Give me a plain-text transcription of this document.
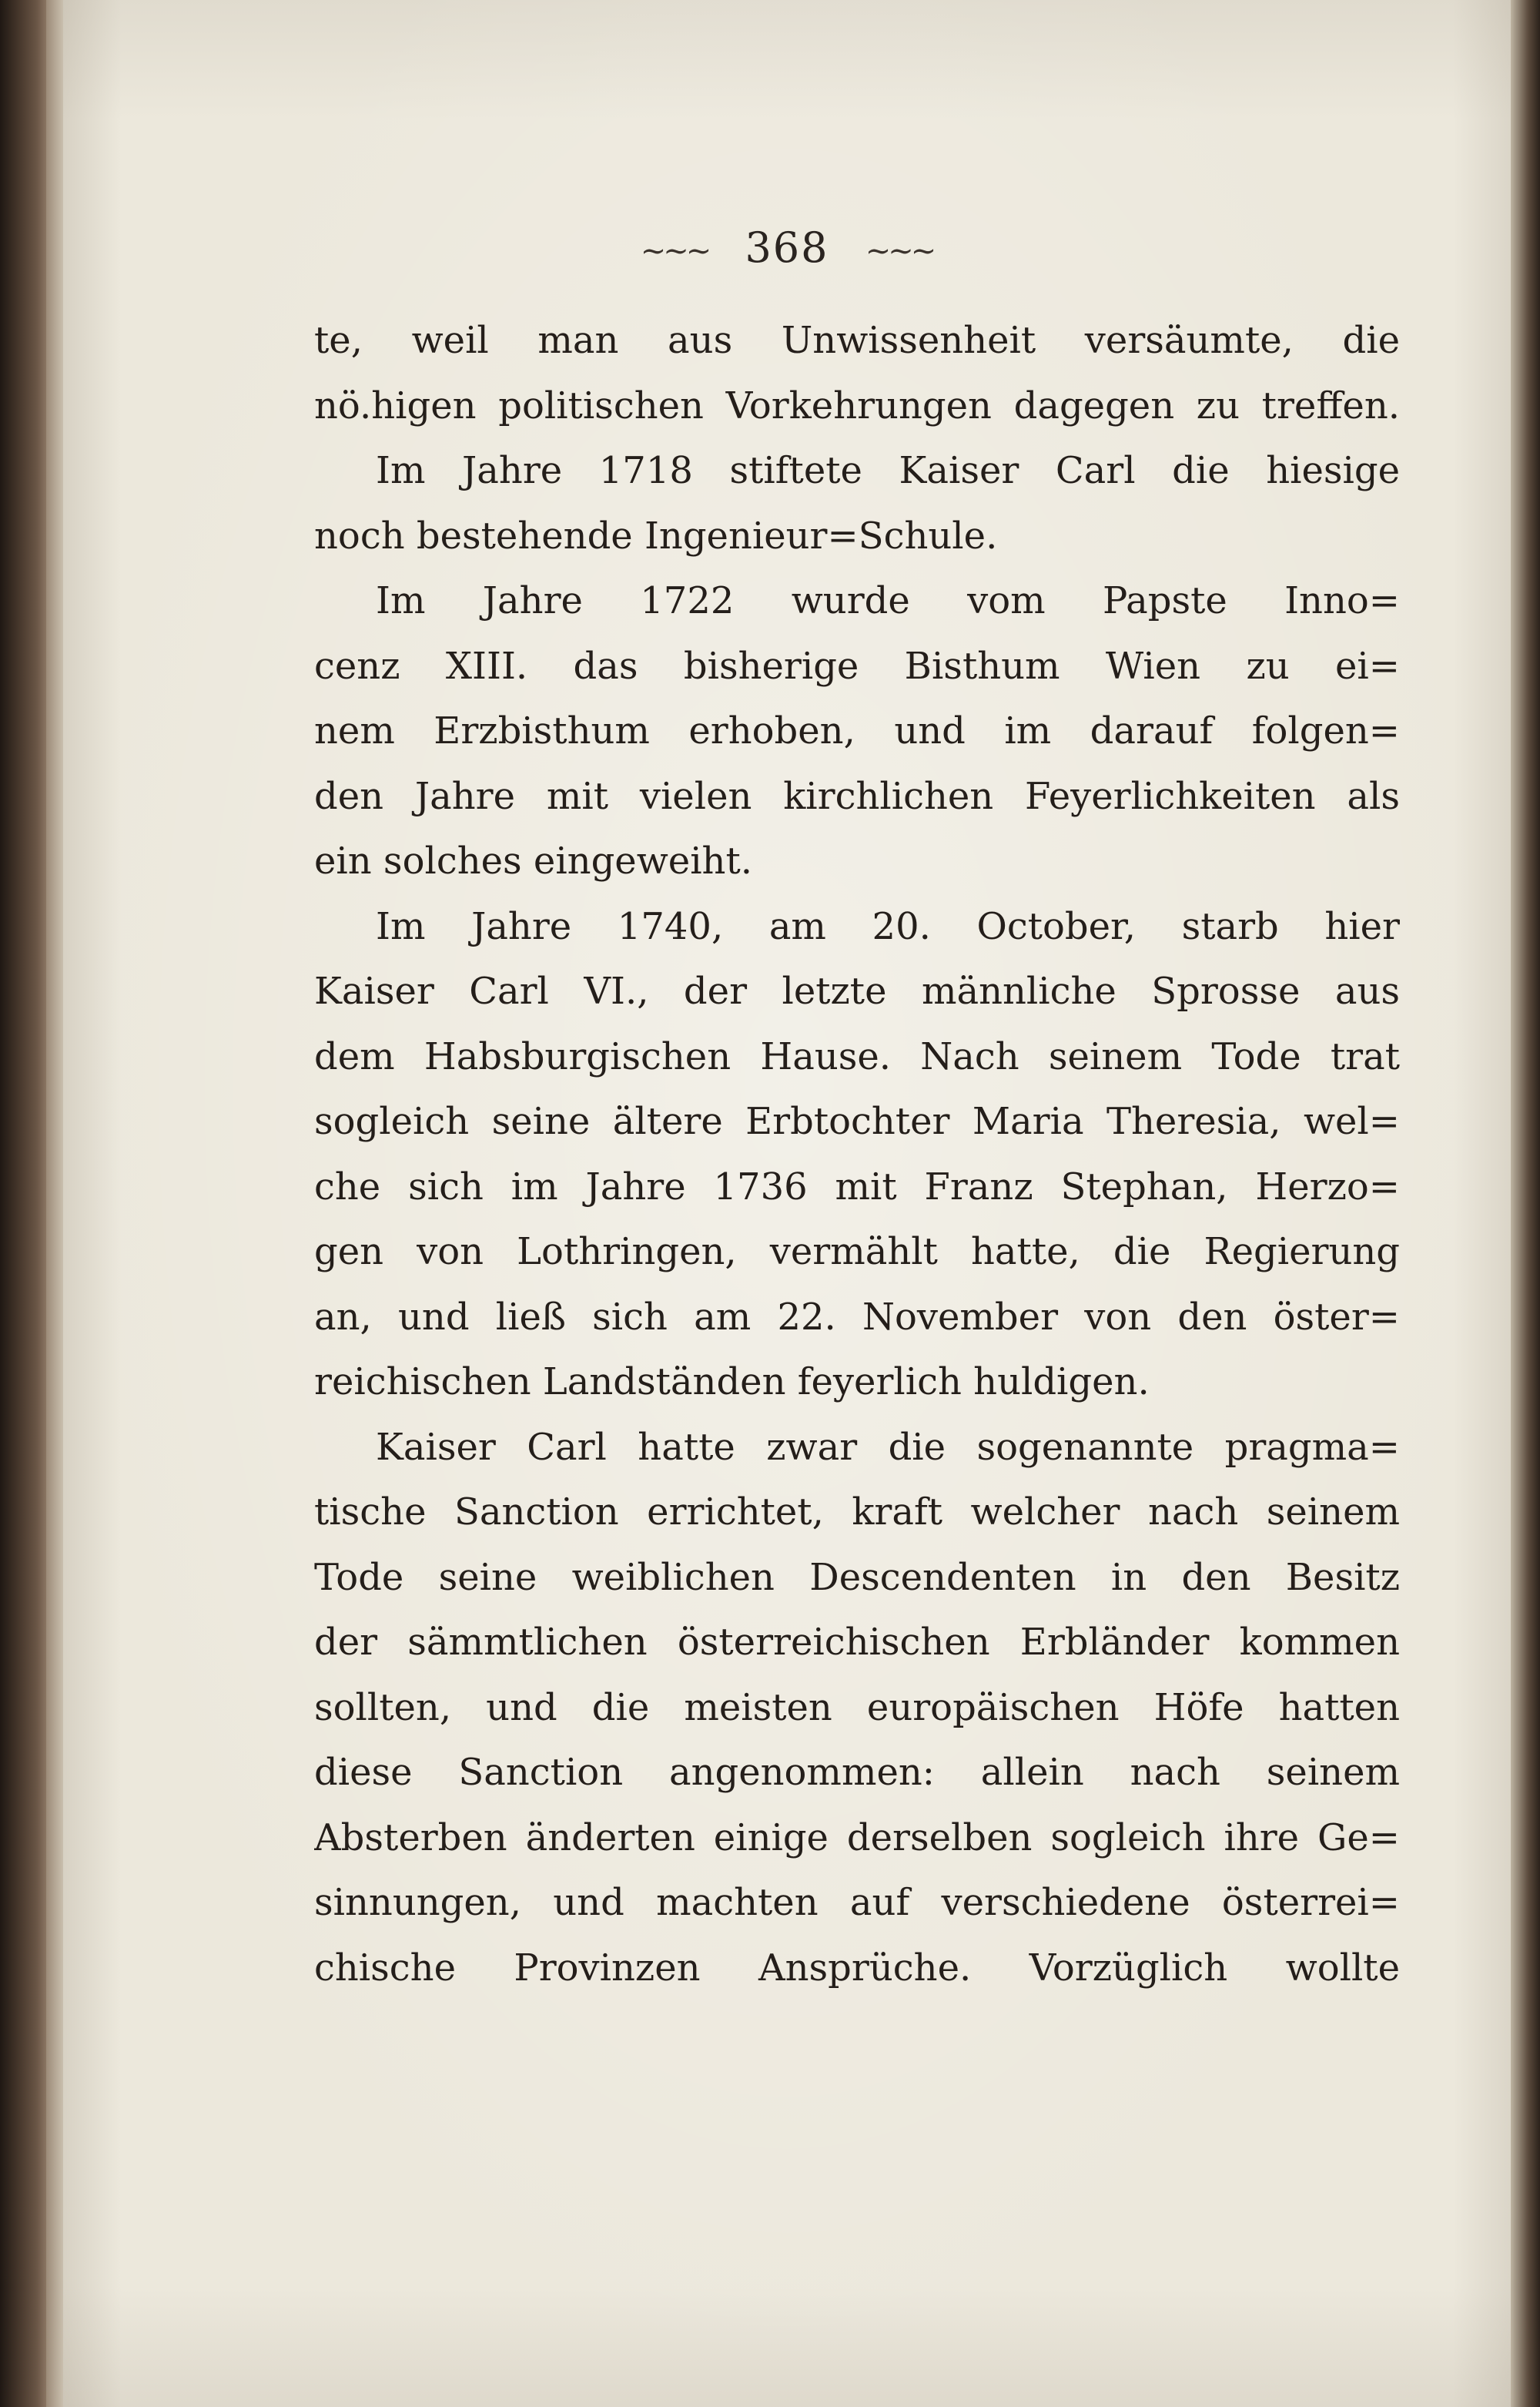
~~~ 368 ~~~
te, weil man aus Unwissenheit versäumte, die
nö.higen politischen Vorkehrungen dagegen zu treffen.
Im Jahre 1718 stiftete Kaiser Carl die hiesige
noch bestehende Ingenieur=Schule.
Im Jahre 1722 wurde vom Papste Inno=
cenz XIII. das bisherige Bisthum Wien zu ei=
nem Erzbisthum erhoben, und im darauf folgen=
den Jahre mit vielen kirchlichen Feyerlichkeiten als
ein solches eingeweiht.
Im Jahre 1740, am 20. October, starb hier
Kaiser Carl VI., der letzte männliche Sprosse aus
dem Habsburgischen Hause. Nach seinem Tode trat
sogleich seine ältere Erbtochter Maria Theresia, wel=
che sich im Jahre 1736 mit Franz Stephan, Herzo=
gen von Lothringen, vermählt hatte, die Regierung
an, und ließ sich am 22. November von den öster=
reichischen Landständen feyerlich huldigen.
Kaiser Carl hatte zwar die sogenannte pragma=
tische Sanction errichtet, kraft welcher nach seinem
Tode seine weiblichen Descendenten in den Besitz
der sämmtlichen österreichischen Erbländer kommen
sollten, und die meisten europäischen Höfe hatten
diese Sanction angenommen: allein nach seinem
Absterben änderten einige derselben sogleich ihre Ge=
sinnungen, und machten auf verschiedene österrei=
chische Provinzen Ansprüche. Vorzüglich wollte
